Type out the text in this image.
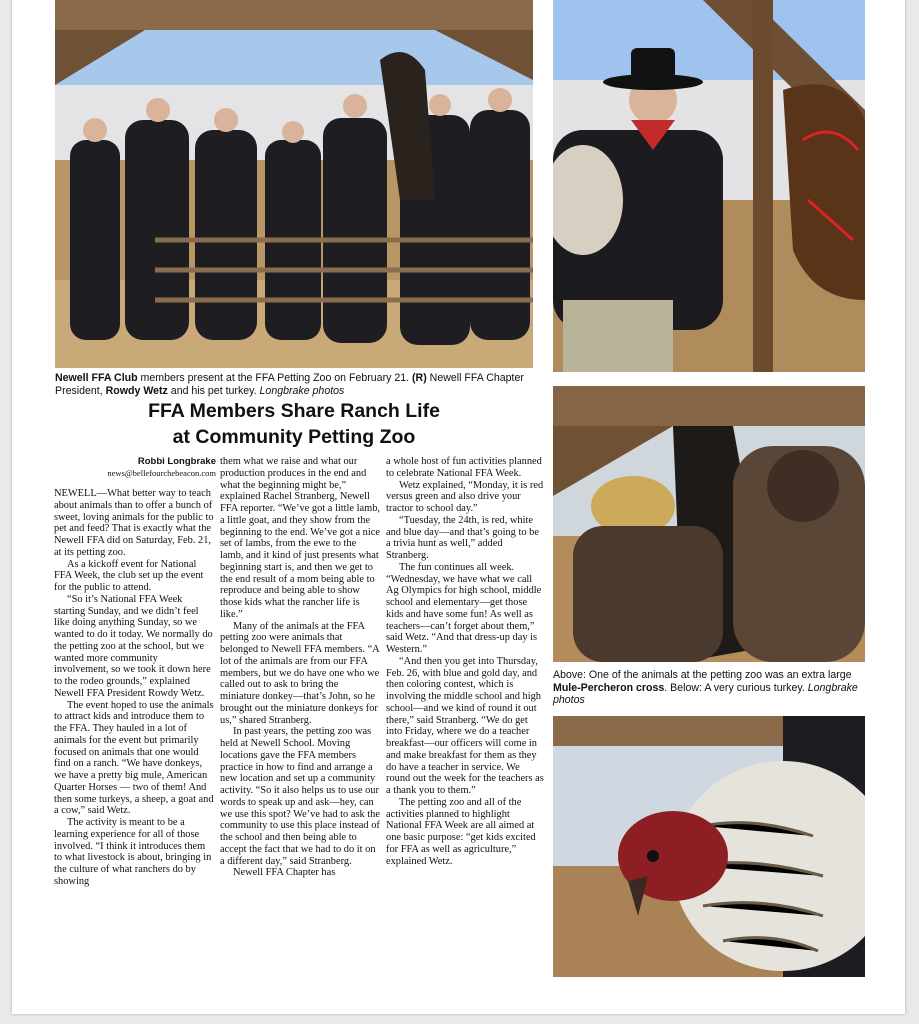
Newell FFA Club members present at the FFA Petting Zoo on February 21. (R) Newell FFA Chapter President, Rowdy Wetz and his pet turkey. Longbrake photos
Above: One of the animals at the petting zoo was an extra large Mule-Percheron cross. Below: A very curious turkey. Longbrake photos
FFA Members Share Ranch Life
at Community Petting Zoo
Robbi Longbrake
news@bellefourchebeacon.com

NEWELL—What better way to teach about animals than to offer a bunch of sweet, loving animals for the public to pet and feed? That is exactly what the Newell FFA did on Saturday, Feb. 21, at its petting zoo.

As a kickoff event for National FFA Week, the club set up the event for the public to attend.

“So it’s National FFA Week starting Sunday, and we didn’t feel like doing anything Sunday, so we wanted to do it today. We normally do the petting zoo at the school, but we wanted more community involvement, so we took it down here to the rodeo grounds,” explained Newell FFA President Rowdy Wetz.

The event hoped to use the animals to attract kids and introduce them to the FFA. They hauled in a lot of animals for the event but primarily focused on animals that one would find on a ranch. “We have donkeys, we have a pretty big mule, American Quarter Horses — two of them! And then some turkeys, a sheep, a goat and a cow,” said Wetz.

The activity is meant to be a learning experience for all of those involved. “I think it introduces them to what livestock is about, bringing in the culture of what ranchers do by showing

them what we raise and what our production produces in the end and what the beginning might be,” explained Rachel Stranberg, Newell FFA reporter. “We’ve got a little lamb, a little goat, and they show from the beginning to the end. We’ve got a nice set of lambs, from the ewe to the lamb, and it kind of just presents what beginning start is, and then we get to the end result of a mom being able to reproduce and being able to show those kids what the rancher life is like.”

Many of the animals at the FFA petting zoo were animals that belonged to Newell FFA members. “A lot of the animals are from our FFA members, but we do have one who we called out to ask to bring the miniature donkey—that’s John, so he brought out the miniature donkeys for us,” shared Stranberg.

In past years, the petting zoo was held at Newell School. Moving locations gave the FFA members practice in how to find and arrange a new location and set up a community activity. “So it also helps us to use our words to speak up and ask—hey, can we use this spot? We’ve had to ask the community to use this place instead of the school and then being able to accept the fact that we had to do it on a different day,” said Stranberg.

Newell FFA Chapter has

a whole host of fun activities planned to celebrate National FFA Week.

Wetz explained, “Monday, it is red versus green and also drive your tractor to school day.”

“Tuesday, the 24th, is red, white and blue day—and that’s going to be a trivia hunt as well,” added Stranberg.

The fun continues all week. “Wednesday, we have what we call Ag Olympics for high school, middle school and elementary—get those kids and have some fun! As well as teachers—can’t forget about them,” said Wetz. “And that dress-up day is Western.”

“And then you get into Thursday, Feb. 26, with blue and gold day, and then coloring contest, which is involving the middle school and high school—and we kind of round it out there,” said Stranberg. “We do get into Friday, where we do a teacher breakfast—our officers will come in and make breakfast for them as they do have a teacher in service. We round out the week for the teachers as a thank you to them.”

The petting zoo and all of the activities planned to highlight National FFA Week are all aimed at one basic purpose: “get kids excited for FFA as well as agriculture,” explained Wetz.
